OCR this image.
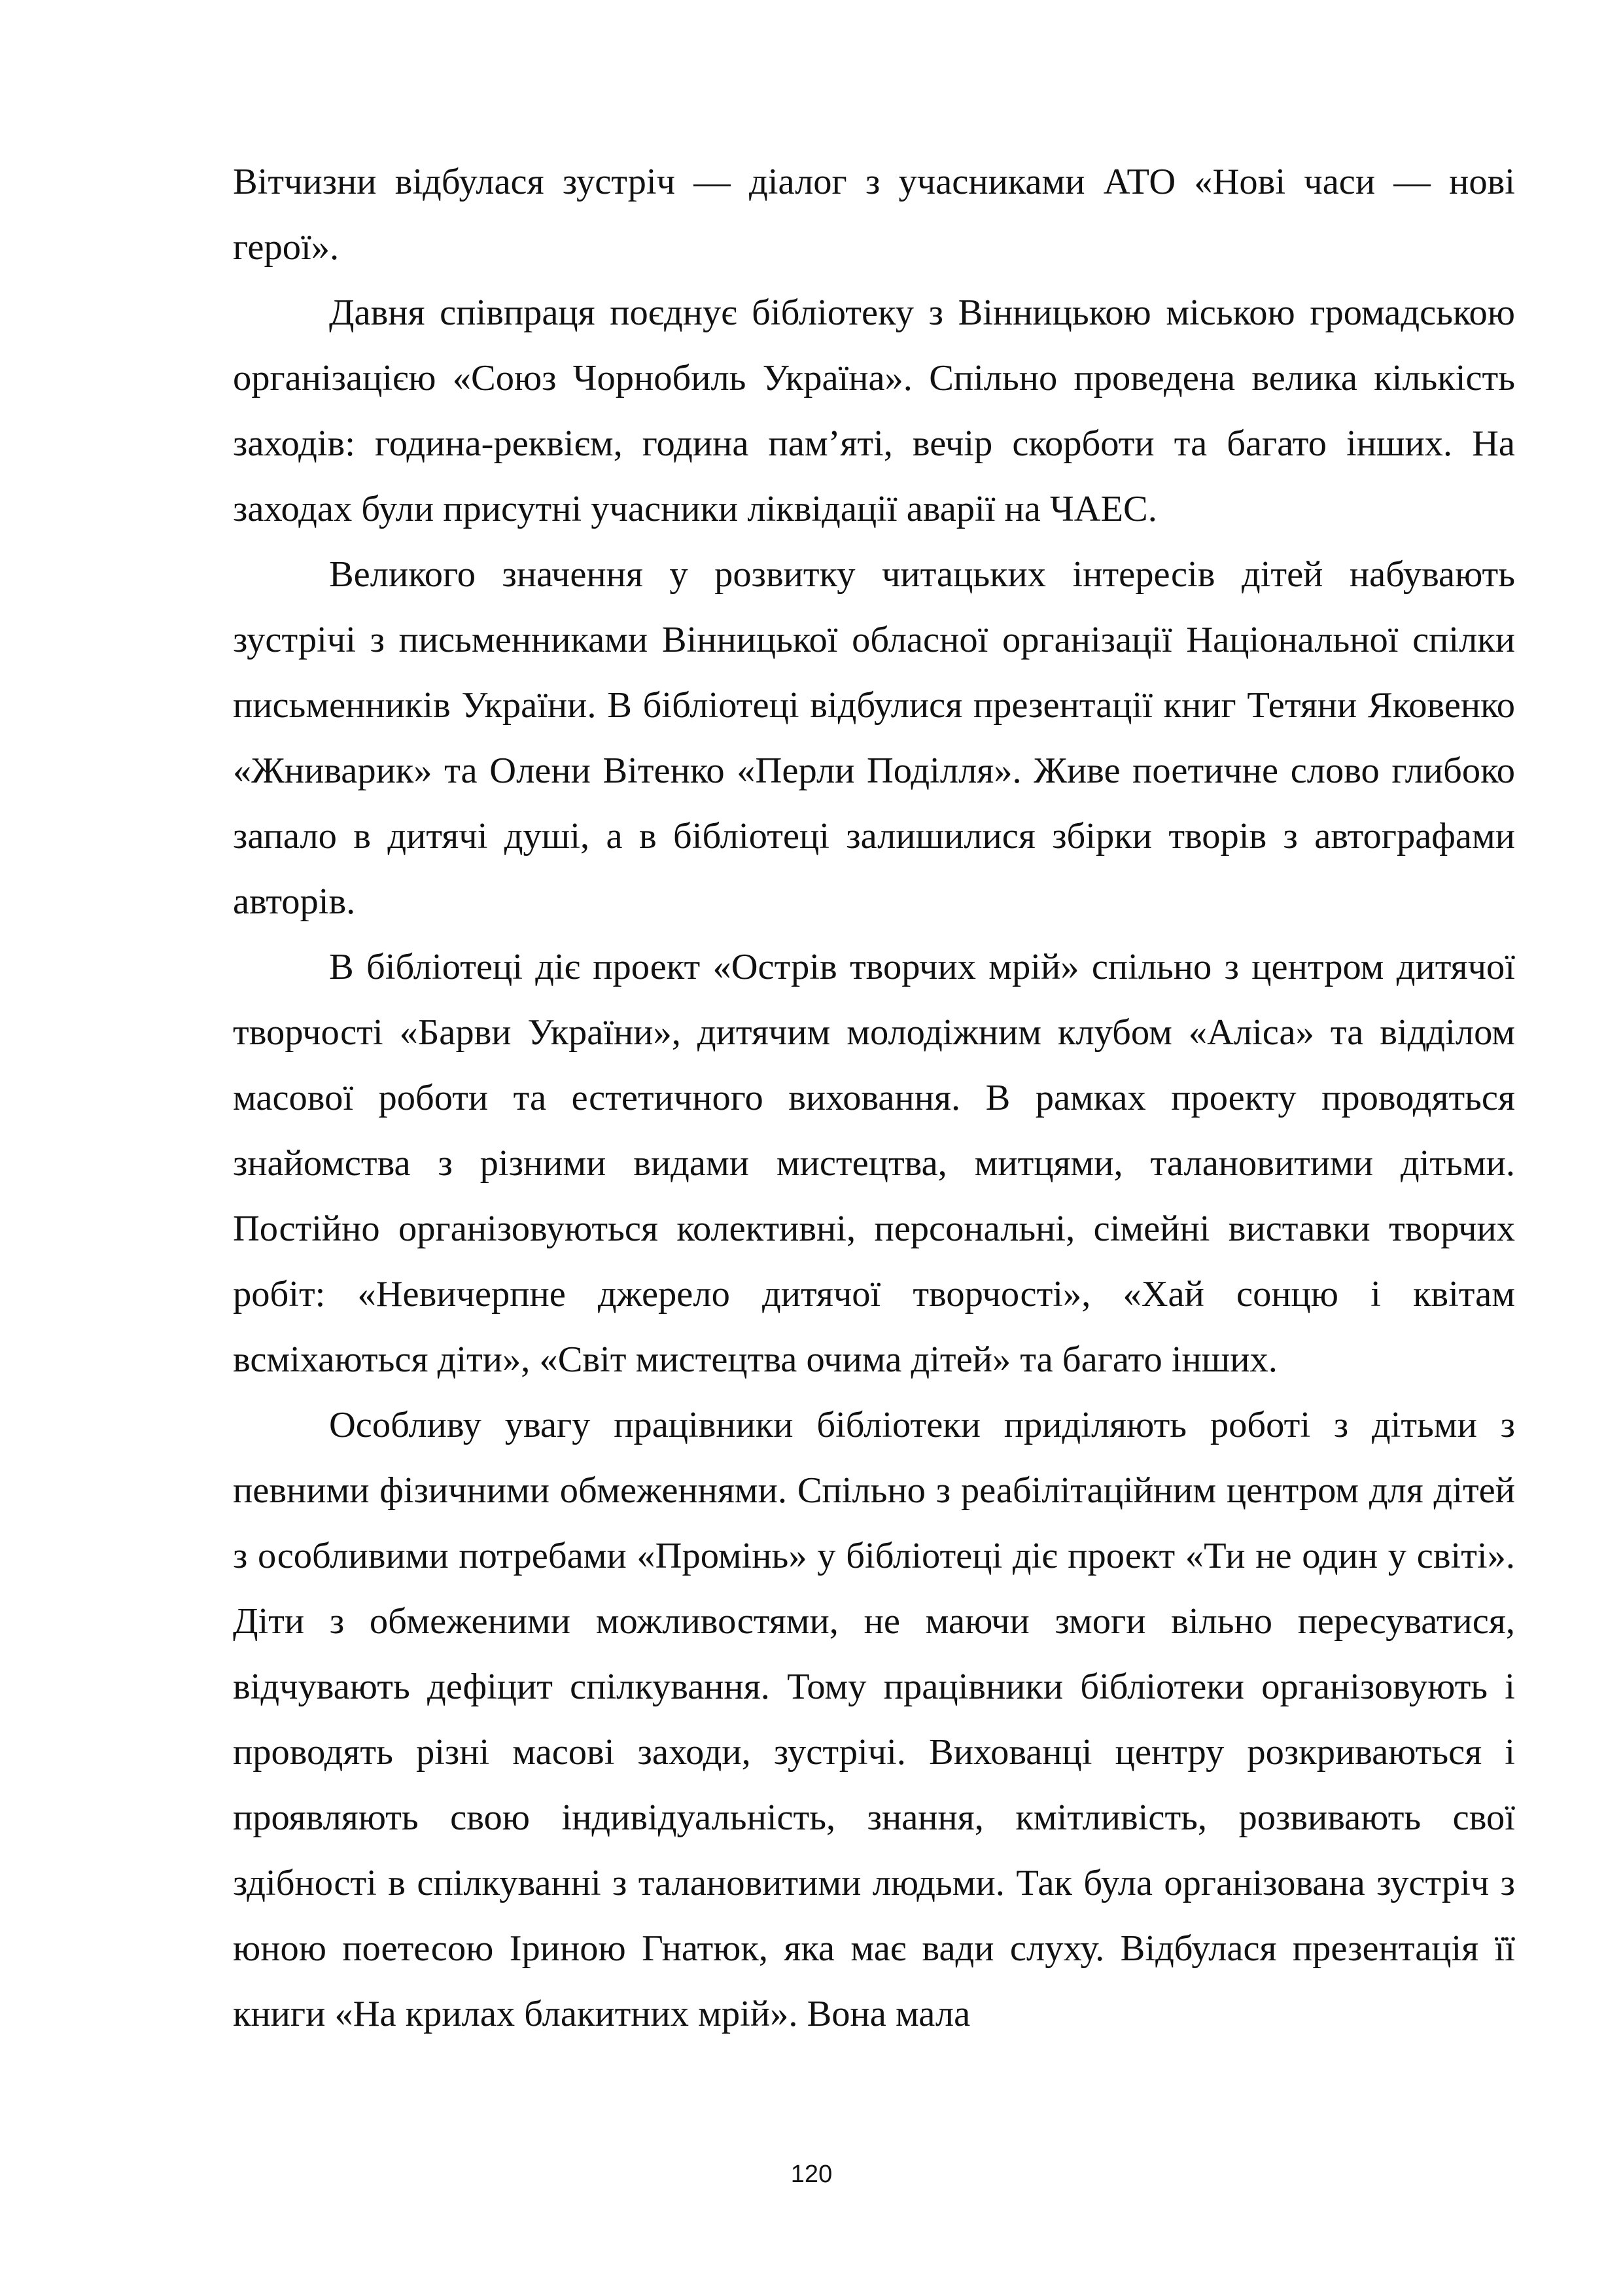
Вітчизни відбулася зустріч — діалог з учасниками АТО «Нові часи — нові герої».

Давня співпраця поєднує бібліотеку з Вінницькою міською громадською організацією «Союз Чорнобиль Україна». Спільно проведена велика кількість заходів: година-реквієм, година пам’яті, вечір скорботи та багато інших. На заходах були присутні учасники ліквідації аварії на ЧАЕС.

Великого значення у розвитку читацьких інтересів дітей набувають зустрічі з письменниками Вінницької обласної організації Національної спілки письменників України. В бібліотеці відбулися презентації книг Тетяни Яковенко «Жниварик» та Олени Вітенко «Перли Поділля». Живе поетичне слово глибоко запало в дитячі душі, а в бібліотеці залишилися збірки творів з автографами авторів.

В бібліотеці діє проект «Острів творчих мрій» спільно з центром дитячої творчості «Барви України», дитячим молодіжним клубом «Аліса» та відділом масової роботи та естетичного виховання. В рамках проекту проводяться знайомства з різними видами мистецтва, митцями, талановитими дітьми. Постійно організовуються колективні, персональні, сімейні виставки творчих робіт: «Невичерпне джерело дитячої творчості», «Хай сонцю і квітам всміхаються діти», «Світ мистецтва очима дітей» та багато інших.

Особливу увагу працівники бібліотеки приділяють роботі з дітьми з певними фізичними обмеженнями. Спільно з реабілітаційним центром для дітей з особливими потребами «Промінь» у бібліотеці діє проект «Ти не один у світі». Діти з обмеженими можливостями, не маючи змоги вільно пересуватися, відчувають дефіцит спілкування. Тому працівники бібліотеки організовують і проводять різні масові заходи, зустрічі. Вихованці центру розкриваються і проявляють свою індивідуальність, знання, кмітливість, розвивають свої здібності в спілкуванні з талановитими людьми. Так була організована зустріч з юною поетесою Іриною Гнатюк, яка має вади слуху. Відбулася презентація її книги «На крилах блакитних мрій». Вона мала

120
